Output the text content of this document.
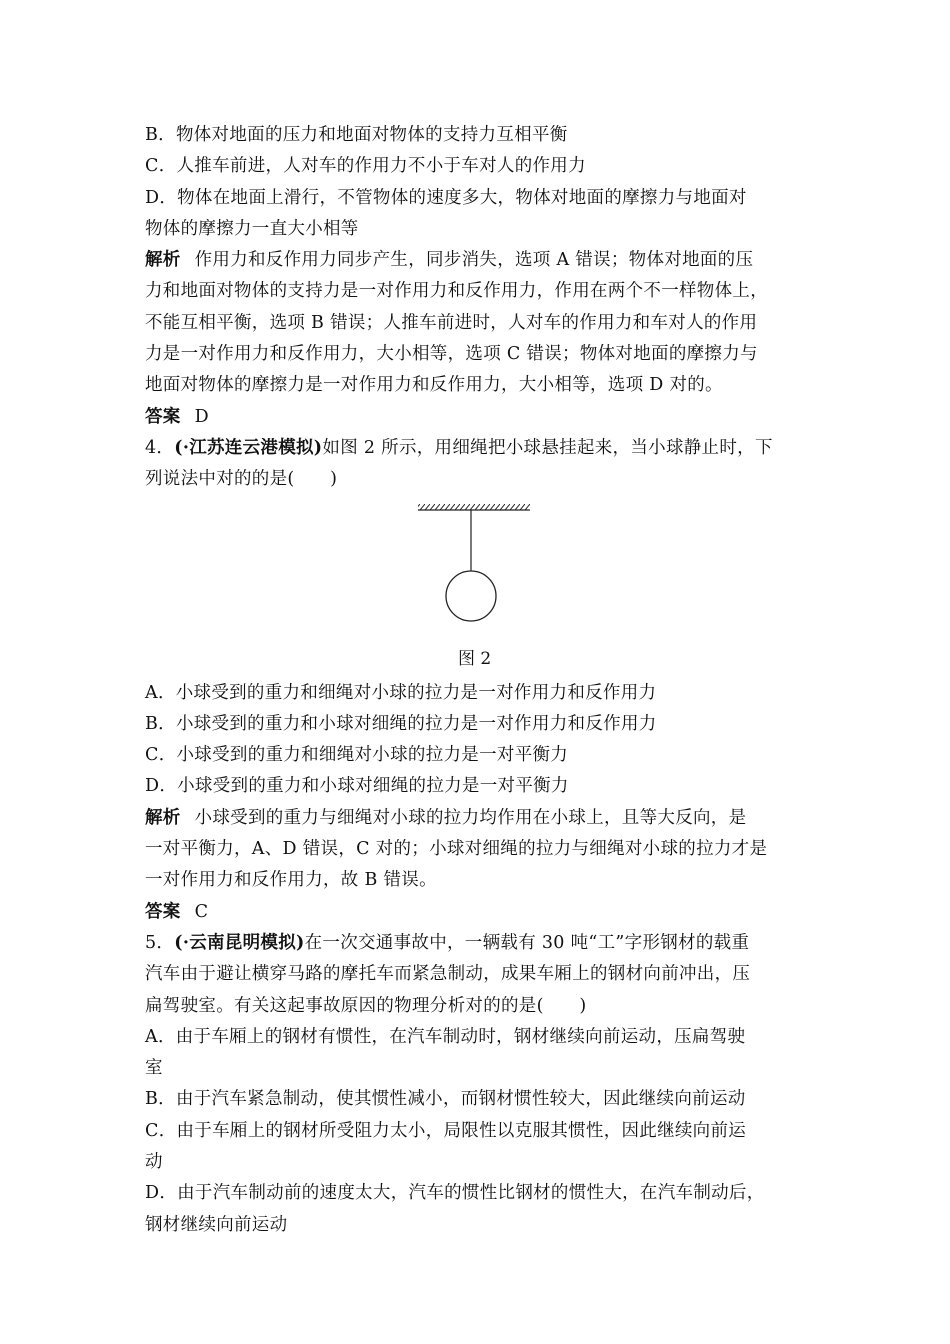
B．物体对地面的压力和地面对物体的支持力互相平衡
C．人推车前进，人对车的作用力不小于车对人的作用力
D．物体在地面上滑行，不管物体的速度多大，物体对地面的摩擦力与地面对
物体的摩擦力一直大小相等
解析 作用力和反作用力同步产生，同步消失，选项 A 错误；物体对地面的压
力和地面对物体的支持力是一对作用力和反作用力，作用在两个不一样物体上，
不能互相平衡，选项 B 错误；人推车前进时，人对车的作用力和车对人的作用
力是一对作用力和反作用力，大小相等，选项 C 错误；物体对地面的摩擦力与
地面对物体的摩擦力是一对作用力和反作用力，大小相等，选项 D 对的。
答案 D
4．(·江苏连云港模拟)如图 2 所示，用细绳把小球悬挂起来，当小球静止时，下
列说法中对的的是(　　)
图 2
A．小球受到的重力和细绳对小球的拉力是一对作用力和反作用力
B．小球受到的重力和小球对细绳的拉力是一对作用力和反作用力
C．小球受到的重力和细绳对小球的拉力是一对平衡力
D．小球受到的重力和小球对细绳的拉力是一对平衡力
解析 小球受到的重力与细绳对小球的拉力均作用在小球上，且等大反向，是
一对平衡力，A、D 错误，C 对的；小球对细绳的拉力与细绳对小球的拉力才是
一对作用力和反作用力，故 B 错误。
答案 C
5．(·云南昆明模拟)在一次交通事故中，一辆载有 30 吨“工”字形钢材的载重
汽车由于避让横穿马路的摩托车而紧急制动，成果车厢上的钢材向前冲出，压
扁驾驶室。有关这起事故原因的物理分析对的的是(　　)
A．由于车厢上的钢材有惯性，在汽车制动时，钢材继续向前运动，压扁驾驶
室
B．由于汽车紧急制动，使其惯性减小，而钢材惯性较大，因此继续向前运动
C．由于车厢上的钢材所受阻力太小，局限性以克服其惯性，因此继续向前运
动
D．由于汽车制动前的速度太大，汽车的惯性比钢材的惯性大，在汽车制动后，
钢材继续向前运动
